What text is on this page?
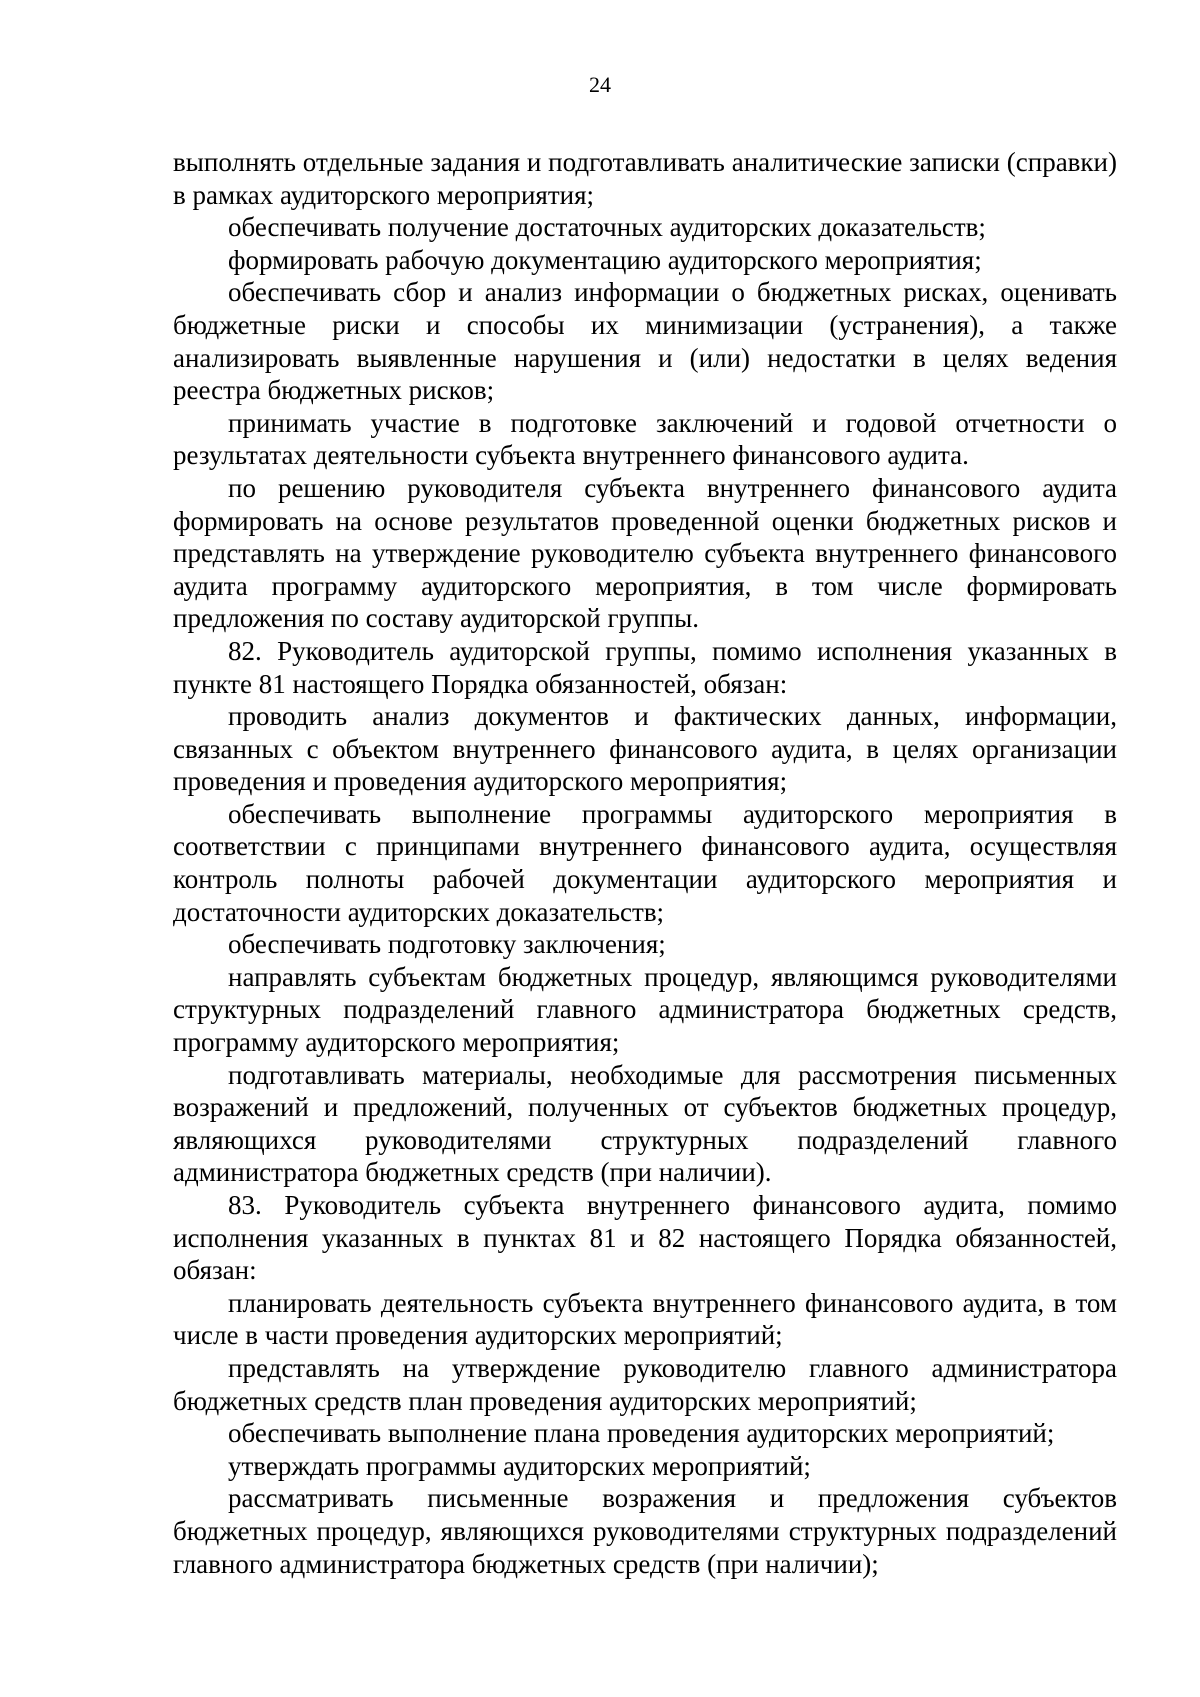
24

выполнять отдельные задания и подготавливать аналитические записки (справки) в рамках аудиторского мероприятия;

обеспечивать получение достаточных аудиторских доказательств;

формировать рабочую документацию аудиторского мероприятия;

обеспечивать сбор и анализ информации о бюджетных рисках, оценивать бюджетные риски и способы их минимизации (устранения), а также анализировать выявленные нарушения и (или) недостатки в целях ведения реестра бюджетных рисков;

принимать участие в подготовке заключений и годовой отчетности о результатах деятельности субъекта внутреннего финансового аудита.

по решению руководителя субъекта внутреннего финансового аудита формировать на основе результатов проведенной оценки бюджетных рисков и представлять на утверждение руководителю субъекта внутреннего финансового аудита программу аудиторского мероприятия, в том числе формировать предложения по составу аудиторской группы.

82. Руководитель аудиторской группы, помимо исполнения указанных в пункте 81 настоящего Порядка обязанностей, обязан:

проводить анализ документов и фактических данных, информации, связанных с объектом внутреннего финансового аудита, в целях организации проведения и проведения аудиторского мероприятия;

обеспечивать выполнение программы аудиторского мероприятия в соответствии с принципами внутреннего финансового аудита, осуществляя контроль полноты рабочей документации аудиторского мероприятия и достаточности аудиторских доказательств;

обеспечивать подготовку заключения;

направлять субъектам бюджетных процедур, являющимся руководителями структурных подразделений главного администратора бюджетных средств, программу аудиторского мероприятия;

подготавливать материалы, необходимые для рассмотрения письменных возражений и предложений, полученных от субъектов бюджетных процедур, являющихся руководителями структурных подразделений главного администратора бюджетных средств (при наличии).

83. Руководитель субъекта внутреннего финансового аудита, помимо исполнения указанных в пунктах 81 и 82 настоящего Порядка обязанностей, обязан:

планировать деятельность субъекта внутреннего финансового аудита, в том числе в части проведения аудиторских мероприятий;

представлять на утверждение руководителю главного администратора бюджетных средств план проведения аудиторских мероприятий;

обеспечивать выполнение плана проведения аудиторских мероприятий;

утверждать программы аудиторских мероприятий;

рассматривать письменные возражения и предложения субъектов бюджетных процедур, являющихся руководителями структурных подразделений главного администратора бюджетных средств (при наличии);
